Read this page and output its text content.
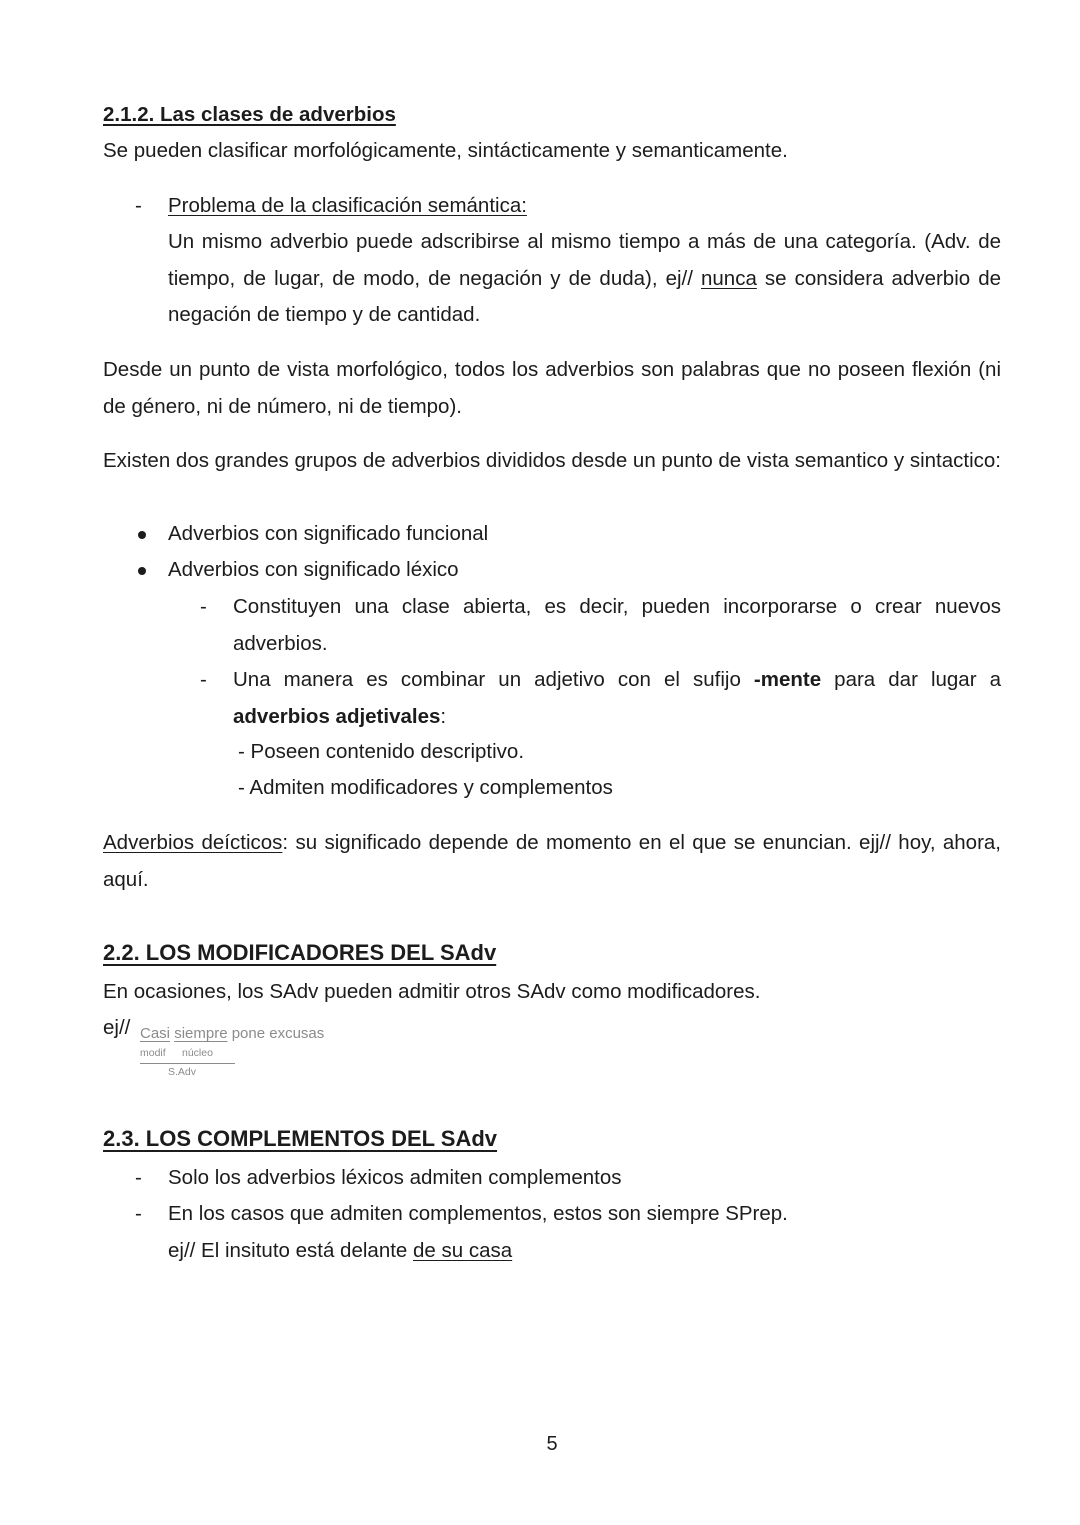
2.1.2. Las clases de adverbios
Se pueden clasificar morfológicamente, sintácticamente y semanticamente.
- Problema de la clasificación semántica:
Un mismo adverbio puede adscribirse al mismo tiempo a más de una categoría. (Adv. de tiempo, de lugar, de modo, de negación y de duda), ej// nunca se considera adverbio de negación de tiempo y de cantidad.
Desde un punto de vista morfológico, todos los adverbios son palabras que no poseen flexión (ni de género, ni de número, ni de tiempo).
Existen dos grandes grupos de adverbios divididos desde un punto de vista semantico y sintactico:
Adverbios con significado funcional
Adverbios con significado léxico
- Constituyen una clase abierta, es decir, pueden incorporarse o crear nuevos adverbios.
- Una manera es combinar un adjetivo con el sufijo -mente para dar lugar a adverbios adjetivales:
- Poseen contenido descriptivo.
- Admiten modificadores y complementos
Adverbios deícticos: su significado depende de momento en el que se enuncian. ejj// hoy, ahora, aquí.
2.2. LOS MODIFICADORES DEL SAdv
En ocasiones, los SAdv pueden admitir otros SAdv como modificadores.
ej// Casi siempre pone excusas
modif núcleo
S.Adv
2.3. LOS COMPLEMENTOS DEL SAdv
- Solo los adverbios léxicos admiten complementos
- En los casos que admiten complementos, estos son siempre SPrep.
ej// El insituto está delante de su casa
5
